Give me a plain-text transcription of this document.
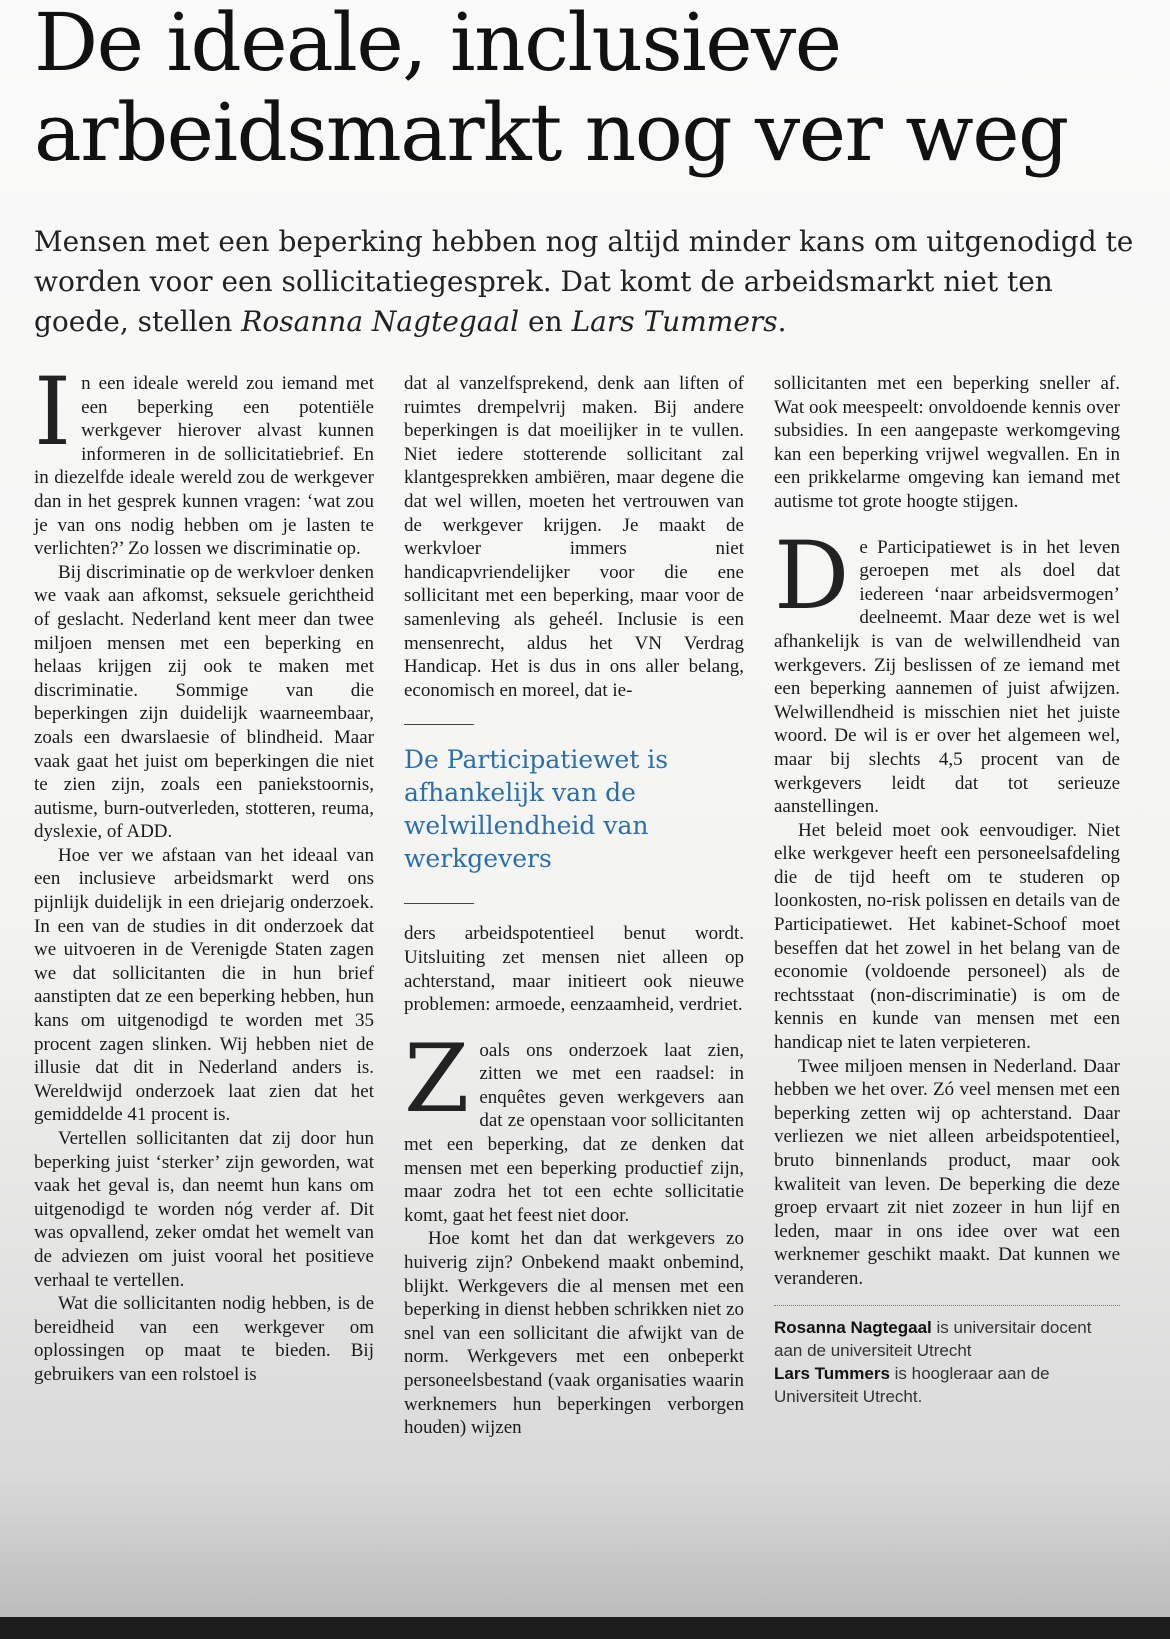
De ideale, inclusieve arbeidsmarkt nog ver weg

Mensen met een beperking hebben nog altijd minder kans om uitgenodigd te worden voor een sollicitatiegesprek. Dat komt de arbeidsmarkt niet ten goede, stellen Rosanna Nagtegaal en Lars Tummers.

In een ideale wereld zou iemand met een beperking een potentiële werkgever hierover alvast kunnen informeren in de sollicitatiebrief. En in diezelfde ideale wereld zou de werkgever dan in het gesprek kunnen vragen: ‘wat zou je van ons nodig hebben om je lasten te verlichten?’ Zo lossen we discriminatie op.

Bij discriminatie op de werkvloer denken we vaak aan afkomst, seksuele gerichtheid of geslacht. Nederland kent meer dan twee miljoen mensen met een beperking en helaas krijgen zij ook te maken met discriminatie. Sommige van die beperkingen zijn duidelijk waarneembaar, zoals een dwarslaesie of blindheid. Maar vaak gaat het juist om beperkingen die niet te zien zijn, zoals een paniekstoornis, autisme, burn-outverleden, stotteren, reuma, dyslexie, of ADD.

Hoe ver we afstaan van het ideaal van een inclusieve arbeidsmarkt werd ons pijnlijk duidelijk in een driejarig onderzoek. In een van de studies in dit onderzoek dat we uitvoeren in de Verenigde Staten zagen we dat sollicitanten die in hun brief aanstipten dat ze een beperking hebben, hun kans om uitgenodigd te worden met 35 procent zagen slinken. Wij hebben niet de illusie dat dit in Nederland anders is. Wereldwijd onderzoek laat zien dat het gemiddelde 41 procent is.

Vertellen sollicitanten dat zij door hun beperking juist ‘sterker’ zijn geworden, wat vaak het geval is, dan neemt hun kans om uitgenodigd te worden nóg verder af. Dit was opvallend, zeker omdat het wemelt van de adviezen om juist vooral het positieve verhaal te vertellen.

Wat die sollicitanten nodig hebben, is de bereidheid van een werkgever om oplossingen op maat te bieden. Bij gebruikers van een rolstoel is

dat al vanzelfsprekend, denk aan liften of ruimtes drempelvrij maken. Bij andere beperkingen is dat moeilijker in te vullen. Niet iedere stotterende sollicitant zal klantgesprekken ambiëren, maar degene die dat wel willen, moeten het vertrouwen van de werkgever krijgen. Je maakt de werkvloer immers niet handicapvriendelijker voor die ene sollicitant met een beperking, maar voor de samenleving als geheél. Inclusie is een mensenrecht, aldus het VN Verdrag Handicap. Het is dus in ons aller belang, economisch en moreel, dat ie-

De Participatiewet is afhankelijk van de welwillendheid van werkgevers

ders arbeidspotentieel benut wordt. Uitsluiting zet mensen niet alleen op achterstand, maar initieert ook nieuwe problemen: armoede, eenzaamheid, verdriet.

Zoals ons onderzoek laat zien, zitten we met een raadsel: in enquêtes geven werkgevers aan dat ze openstaan voor sollicitanten met een beperking, dat ze denken dat mensen met een beperking productief zijn, maar zodra het tot een echte sollicitatie komt, gaat het feest niet door.

Hoe komt het dan dat werkgevers zo huiverig zijn? Onbekend maakt onbemind, blijkt. Werkgevers die al mensen met een beperking in dienst hebben schrikken niet zo snel van een sollicitant die afwijkt van de norm. Werkgevers met een onbeperkt personeelsbestand (vaak organisaties waarin werknemers hun beperkingen verborgen houden) wijzen

sollicitanten met een beperking sneller af. Wat ook meespeelt: onvoldoende kennis over subsidies. In een aangepaste werkomgeving kan een beperking vrijwel wegvallen. En in een prikkelarme omgeving kan iemand met autisme tot grote hoogte stijgen.

De Participatiewet is in het leven geroepen met als doel dat iedereen ‘naar arbeidsvermogen’ deelneemt. Maar deze wet is wel afhankelijk is van de welwillendheid van werkgevers. Zij beslissen of ze iemand met een beperking aannemen of juist afwijzen. Welwillendheid is misschien niet het juiste woord. De wil is er over het algemeen wel, maar bij slechts 4,5 procent van de werkgevers leidt dat tot serieuze aanstellingen.

Het beleid moet ook eenvoudiger. Niet elke werkgever heeft een personeelsafdeling die de tijd heeft om te studeren op loonkosten, no-risk polissen en details van de Participatiewet. Het kabinet-Schoof moet beseffen dat het zowel in het belang van de economie (voldoende personeel) als de rechtsstaat (non-discriminatie) is om de kennis en kunde van mensen met een handicap niet te laten verpieteren.

Twee miljoen mensen in Nederland. Daar hebben we het over. Zó veel mensen met een beperking zetten wij op achterstand. Daar verliezen we niet alleen arbeidspotentieel, bruto binnenlands product, maar ook kwaliteit van leven. De beperking die deze groep ervaart zit niet zozeer in hun lijf en leden, maar in ons idee over wat een werknemer geschikt maakt. Dat kunnen we veranderen.

Rosanna Nagtegaal is universitair docent aan de universiteit Utrecht
Lars Tummers is hoogleraar aan de Universiteit Utrecht.
